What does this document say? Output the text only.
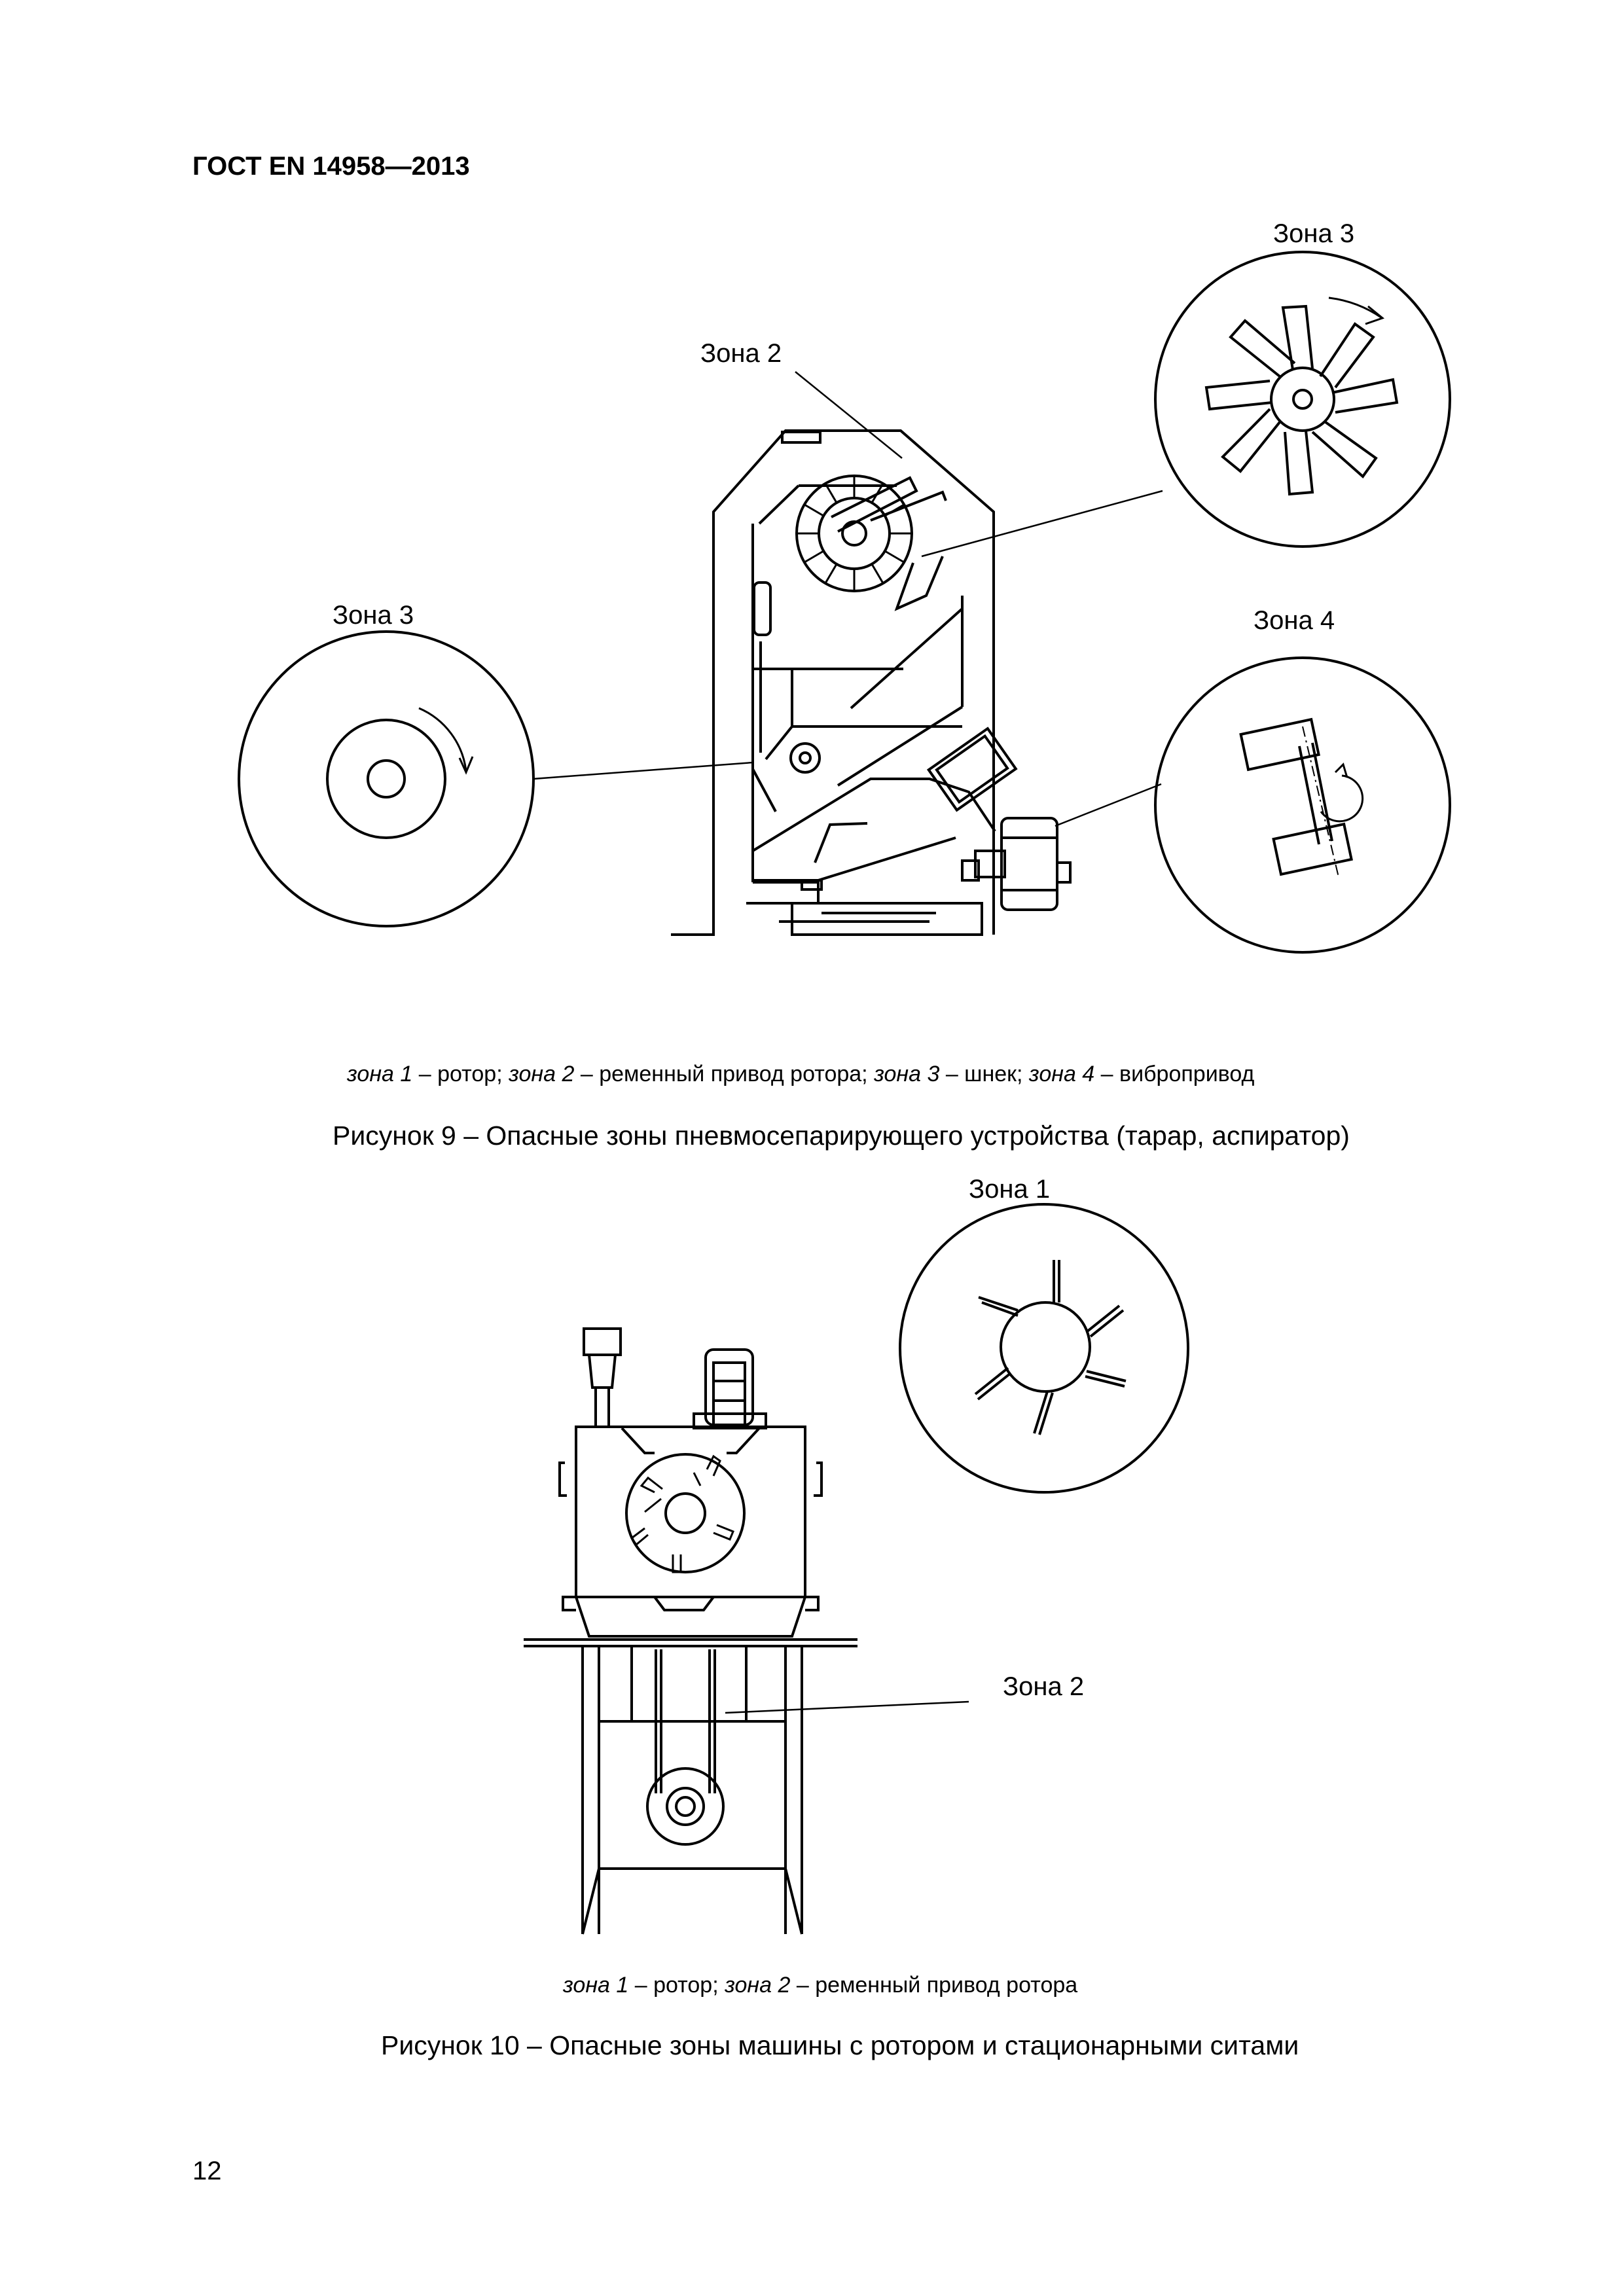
ГОСТ EN 14958—2013
Зона 3
Зона 2
Зона 3	Зона 4
зона 1 – ротор; зона 2 – ременный привод ротора; зона 3 – шнек; зона 4 – вибропривод
Рисунок 9 – Опасные зоны пневмосепарирующего устройства (тарар, аспиратор)
Зона 1
Зона 2
зона 1 – ротор; зона 2 – ременный привод ротора
Рисунок 10 – Опасные зоны машины с ротором и стационарными ситами
12
